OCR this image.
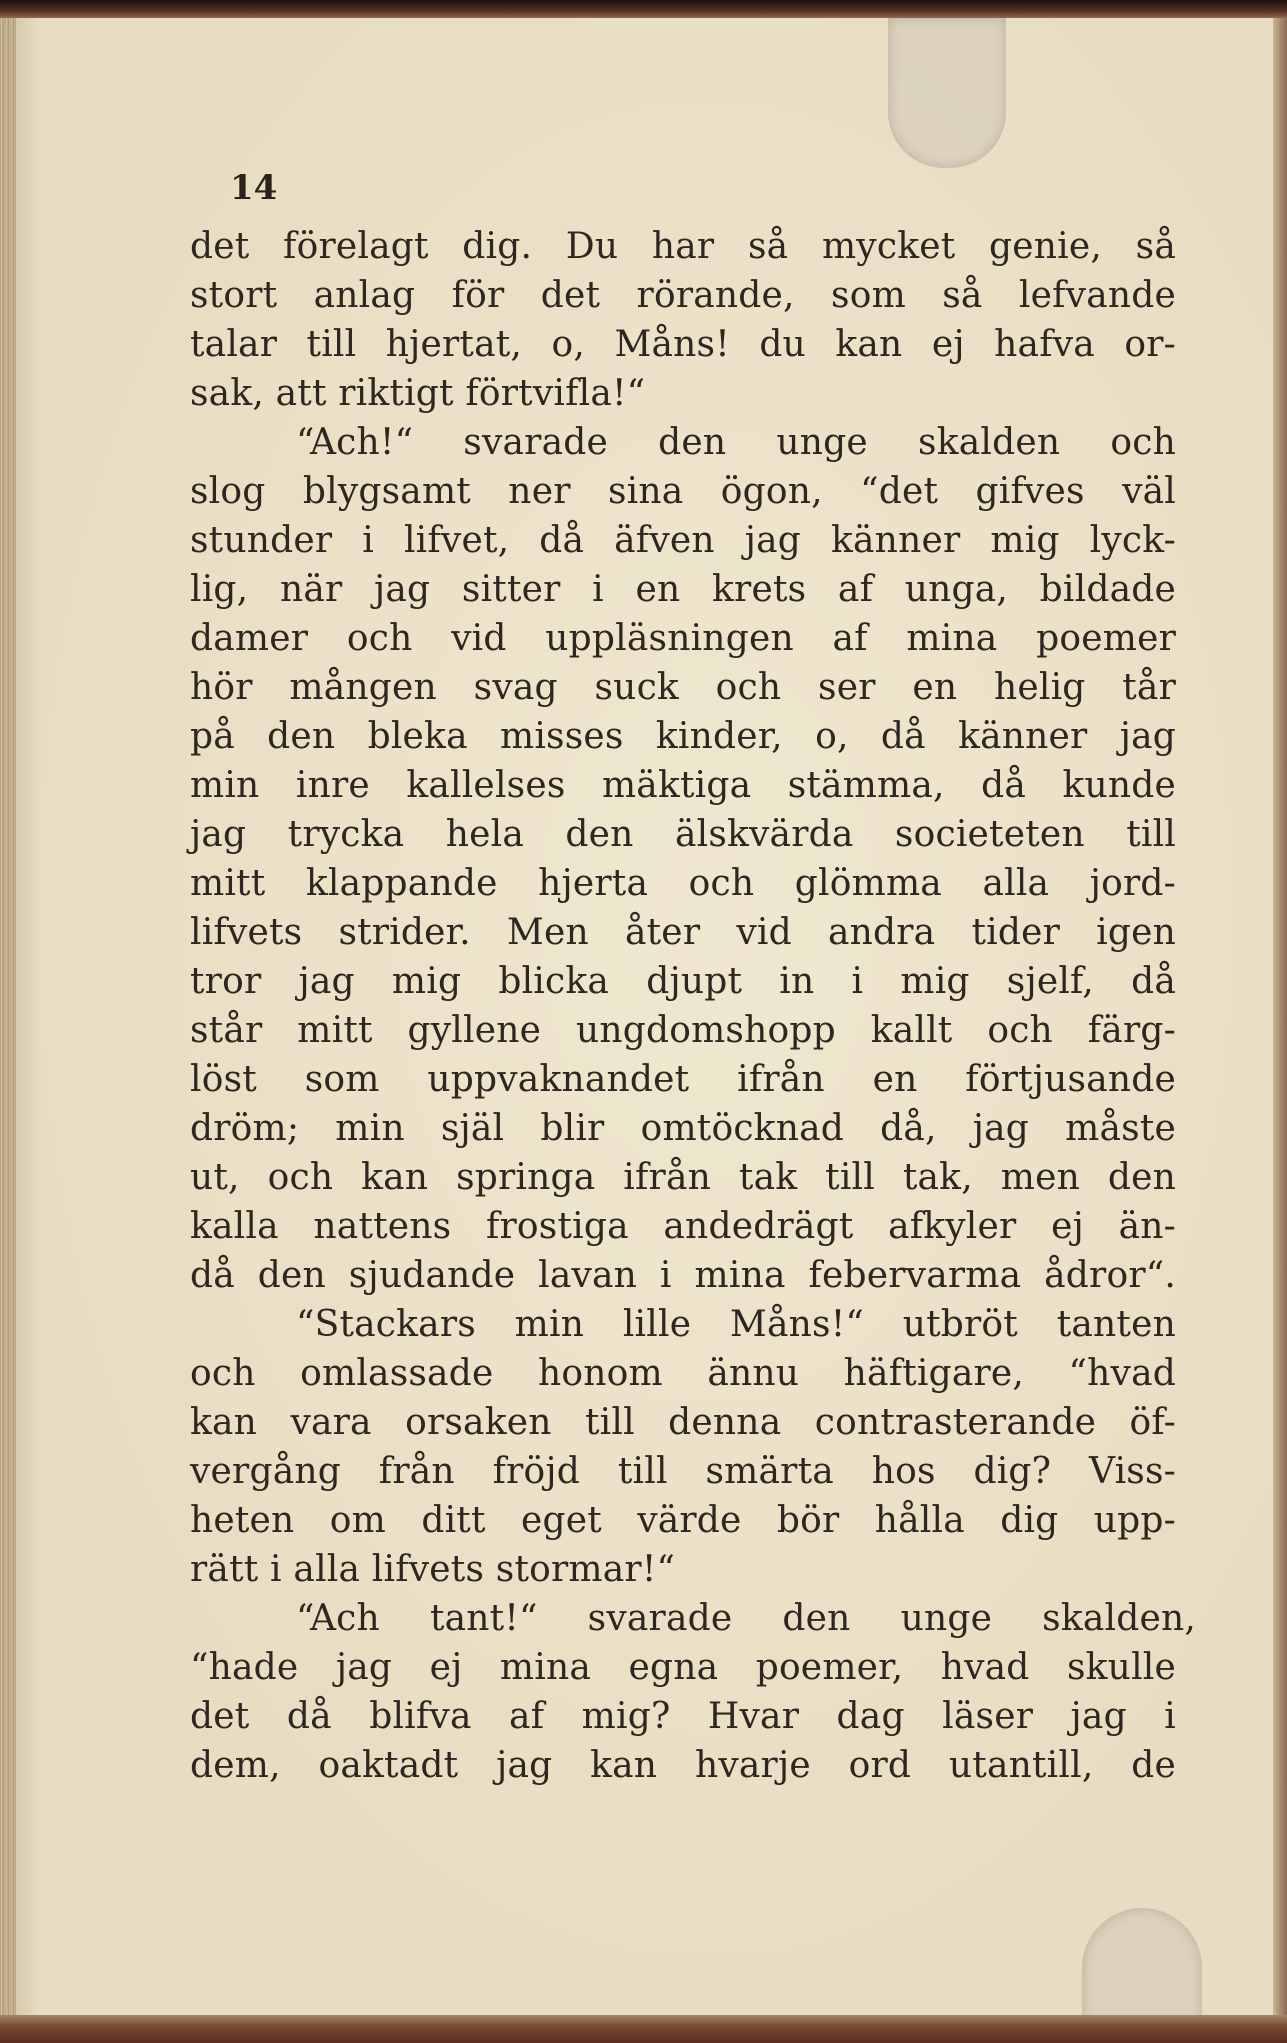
14

det förelagt dig. Du har så mycket genie, så

stort anlag för det rörande, som så lefvande

talar till hjertat, o, Måns! du kan ej hafva or-

sak, att riktigt förtvifla!“

“Ach!“ svarade den unge skalden och

slog blygsamt ner sina ögon, “det gifves väl

stunder i lifvet, då äfven jag känner mig lyck-

lig, när jag sitter i en krets af unga, bildade

damer och vid uppläsningen af mina poemer

hör mången svag suck och ser en helig tår

på den bleka misses kinder, o, då känner jag

min inre kallelses mäktiga stämma, då kunde

jag trycka hela den älskvärda societeten till

mitt klappande hjerta och glömma alla jord-

lifvets strider. Men åter vid andra tider igen

tror jag mig blicka djupt in i mig sjelf, då

står mitt gyllene ungdomshopp kallt och färg-

löst som uppvaknandet ifrån en förtjusande

dröm; min själ blir omtöcknad då, jag måste

ut, och kan springa ifrån tak till tak, men den

kalla nattens frostiga andedrägt afkyler ej än-

då den sjudande lavan i mina febervarma ådror“.

“Stackars min lille Måns!“ utbröt tanten

och omlassade honom ännu häftigare, “hvad

kan vara orsaken till denna contrasterande öf-

vergång från fröjd till smärta hos dig? Viss-

heten om ditt eget värde bör hålla dig upp-

rätt i alla lifvets stormar!“

“Ach tant!“ svarade den unge skalden,

“hade jag ej mina egna poemer, hvad skulle

det då blifva af mig? Hvar dag läser jag i

dem, oaktadt jag kan hvarje ord utantill, de
